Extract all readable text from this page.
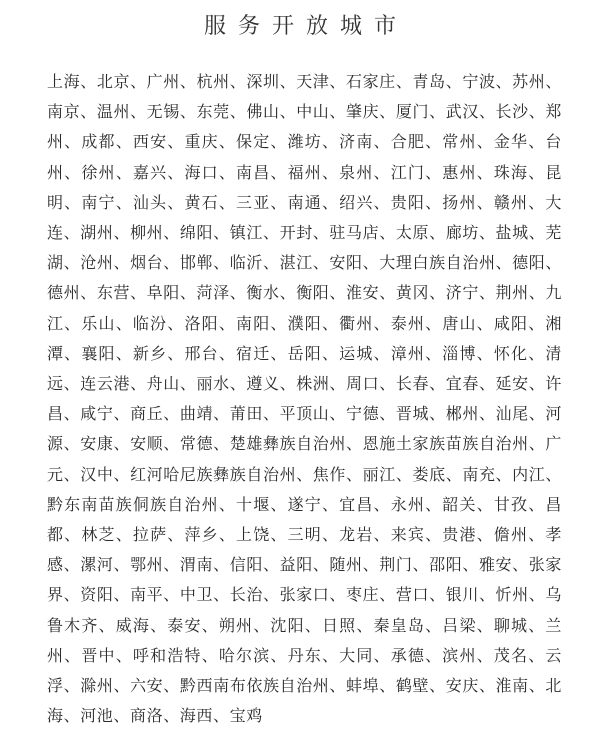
服务开放城市

上海、北京、广州、杭州、深圳、天津、石家庄、青岛、宁波、苏州、南京、温州、无锡、东莞、佛山、中山、肇庆、厦门、武汉、长沙、郑州、成都、西安、重庆、保定、潍坊、济南、合肥、常州、金华、台州、徐州、嘉兴、海口、南昌、福州、泉州、江门、惠州、珠海、昆明、南宁、汕头、黄石、三亚、南通、绍兴、贵阳、扬州、赣州、大连、湖州、柳州、绵阳、镇江、开封、驻马店、太原、廊坊、盐城、芜湖、沧州、烟台、邯郸、临沂、湛江、安阳、大理白族自治州、德阳、德州、东营、阜阳、菏泽、衡水、衡阳、淮安、黄冈、济宁、荆州、九江、乐山、临汾、洛阳、南阳、濮阳、衢州、泰州、唐山、咸阳、湘潭、襄阳、新乡、邢台、宿迁、岳阳、运城、漳州、淄博、怀化、清远、连云港、舟山、丽水、遵义、株洲、周口、长春、宜春、延安、许昌、咸宁、商丘、曲靖、莆田、平顶山、宁德、晋城、郴州、汕尾、河源、安康、安顺、常德、楚雄彝族自治州、恩施土家族苗族自治州、广元、汉中、红河哈尼族彝族自治州、焦作、丽江、娄底、南充、内江、黔东南苗族侗族自治州、十堰、遂宁、宜昌、永州、韶关、甘孜、昌都、林芝、拉萨、萍乡、上饶、三明、龙岩、来宾、贵港、儋州、孝感、漯河、鄂州、渭南、信阳、益阳、随州、荆门、邵阳、雅安、张家界、资阳、南平、中卫、长治、张家口、枣庄、营口、银川、忻州、乌鲁木齐、威海、泰安、朔州、沈阳、日照、秦皇岛、吕梁、聊城、兰州、晋中、呼和浩特、哈尔滨、丹东、大同、承德、滨州、茂名、云浮、滁州、六安、黔西南布依族自治州、蚌埠、鹤壁、安庆、淮南、北海、河池、商洛、海西、宝鸡
